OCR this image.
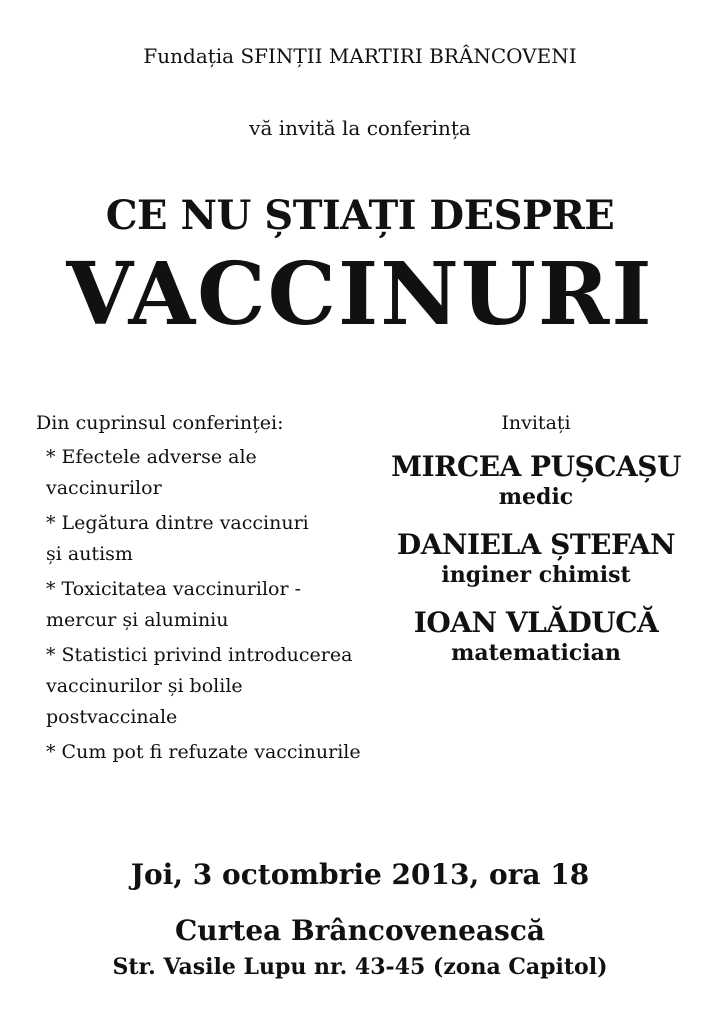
Fundația SFINȚII MARTIRI BRÂNCOVENI
vă invită la conferința
CE NU ȘTIAȚI DESPRE
VACCINURI
Din cuprinsul conferinței:
* Efectele adverse ale
vaccinurilor
* Legătura dintre vaccinuri
și autism
* Toxicitatea vaccinurilor -
mercur și aluminiu
* Statistici privind introducerea
vaccinurilor și bolile
postvaccinale
* Cum pot fi refuzate vaccinurile
Invitați
MIRCEA PUȘCAȘU
medic
DANIELA ȘTEFAN
inginer chimist
IOAN VLĂDUCĂ
matematician
Joi, 3 octombrie 2013, ora 18
Curtea Brâncovenească
Str. Vasile Lupu nr. 43-45 (zona Capitol)
